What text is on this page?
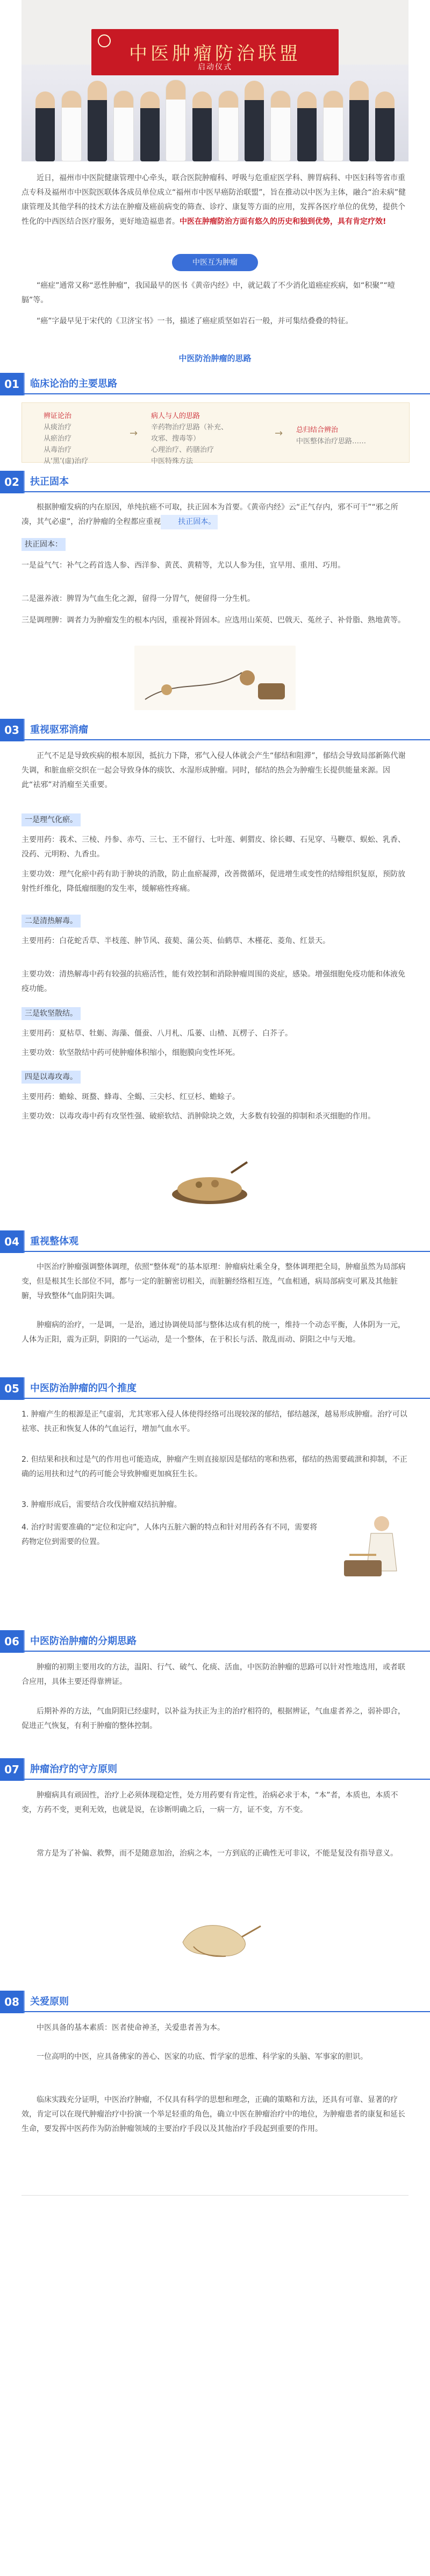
中医肿瘤防治联盟
启动仪式

近日，福州市中医院健康管理中心牵头，联合医院肿瘤科、呼吸与危重症医学科、脾胃病科、中医妇科等省市重点专科及福州市中医院医联体各成员单位成立“福州市中医早癌防治联盟”，旨在推动以中医为主体，融合“治未病”健康管理及其他学科的技术方法在肿瘤及癌前病变的筛查、诊疗、康复等方面的应用，发挥各医疗单位的优势，提供个性化的中西医结合医疗服务，更好地造福患者。中医在肿瘤防治方面有悠久的历史和独到优势，具有肯定疗效!

中医互为肿瘤

“癌症”通常又称“恶性肿瘤”，我国最早的医书《黄帝内经》中，就记载了不少消化道癌症疾病，如“积聚”“噎膈”等。

“癌”字最早见于宋代的《卫济宝书》一书，描述了癌症质坚如岩石一般，并可集结叠叠的特征。

中医防治肿瘤的思路
01	临床论治的主要思路
辨证论治
从痰治疗
从瘀治疗
从毒治疗
从‘黑’(虚)治疗
→
病人与人的思路
辛药物治疗思路（补充、
攻邪、搜毒等）
心理治疗、药膳治疗
中医特殊方法
→ 总归结合辨治
中医整体治疗思路……
02	扶正固本

根据肿瘤发病的内在原因，单纯抗癌不可取，扶正固本为首要。《黄帝内经》云“正气存内，邪不可干”“邪之所凑，其气必虚”，治疗肿瘤的全程都应重视 扶正固本。

扶正固本：

一是益气气：补气之药首选人参、西洋参、黄芪、黄精等，尤以人参为佳，宜早用、重用、巧用。

二是滋养液：脾胃为气血生化之源，留得一分胃气，便留得一分生机。

三是调理脾：调者力为肿瘤发生的根本内因，重视补肾固本。应选用山茱萸、巴戟天、菟丝子、补骨脂、熟地黄等。

03	重视驱邪消瘤

正气不足是导致疾病的根本原因，抵抗力下降，邪气入侵人体就会产生“郁结和阻滞”，郁结会导致局部新陈代谢失调，和脏血瘀交织在一起会导致身体的痰饮、水湿形成肿瘤。同时，郁结的热会为肿瘤生长提供能量来源。因此“祛邪”对消瘤至关重要。

一是理气化瘀。

主要用药：莪术、三棱、丹参、赤芍、三七、王不留行、七叶莲、刺猬皮、徐长卿、石见穿、马鞭草、蜈蚣、乳香、没药、元明粉、九香虫。

主要功效：理气化瘀中药有助于肿块的消散，防止血瘀凝滞，改善微循环，促进增生或变性的结缔组织复原，预防放射性纤维化，降低瘤细胞的发生率，缓解癌性疼痛。

二是清热解毒。

主要用药：白花蛇舌草、半枝莲、肿节风、菝葜、蒲公英、仙鹤草、木槿花、菱角、红景天。

主要功效：清热解毒中药有较强的抗癌活性，能有效控制和消除肿瘤周围的炎症，感染。增强细胞免疫功能和体液免疫功能。

三是软坚散结。

主要用药：夏枯草、牡蛎、海藻、僵蚕、八月札、瓜蒌、山楂、瓦楞子、白芥子。

主要功效：软坚散结中药可使肿瘤体积缩小，细胞膜向变性坏死。

四是以毒攻毒。

主要用药：蟾蜍、斑蝥、蜂毒、全蝎、三尖杉、红豆杉、蟾蜍子。

主要功效：以毒攻毒中药有攻坚性强、破瘀软结、消肿除块之效，大多数有较强的抑制和杀灭细胞的作用。

04	重视整体观

中医治疗肿瘤强调整体调理，依照“整体观”的基本原理：肿瘤病灶乘全身，整体调理把全局，肿瘤虽然为局部病变，但是根其生长部位不同，都与一定的脏腑密切相关，而脏腑经络相互连，气血相通，病局部病变可累及其他脏腑，导致整体气血阴阳失调。

肿瘤病的治疗，一是调，一是治，通过协调使局部与整体达成有机的统一，维持一个动态平衡，人体阴为一元，人体为正阳，震为正阴，阴阳的一气运动，是一个整体，在于积长与活、散乱而动、阴阳之中与天地。

05	中医防治肿瘤的四个推度

1. 肿瘤产生的根源是正气虚弱，尤其寒邪入侵人体使得经络可出现较深的郁结，郁结越深，越易形成肿瘤。治疗可以祛寒、扶正和恢复人体的气血运行，增加气血水平。

2. 但结果和扶和过是气的作用也可能造成，肿瘤产生则直接原因是郁结的寒和热邪，郁结的热需要疏泄和抑制，不正确的运用扶和过气的药可能会导致肿瘤更加疯狂生长。

3. 肿瘤形成后，需要结合攻伐肿瘤双结抗肿瘤。

4. 治疗时需要准确的“定位和定向”，人体内五脏六腑的特点和针对用药各有不同，需要将药物定位到需要的位置。

06	中医防治肿瘤的分期思路

肿瘤的初期主要用攻的方法，温阳、行气、破气、化痰、活血，中医防治肿瘤的思路可以针对性地选用，或者联合应用，具体主要还得靠辨证。

后期补养的方法，气血阴阳已经虚时，以补益为扶正为主的治疗相符的，根据辨证，气血虚者养之，弱补即合，促进正气恢复，有利于肿瘤的整体控制。

07	肿瘤治疗的守方原则

肿瘤病具有顽固性，治疗上必须体现稳定性，处方用药要有肯定性，治病必求于本，“本”者，本质也，本质不变，方药不变，更利无效，也就是说，在诊断明确之后，一病一方，证不变，方不变。

常方是为了补偏、救弊，而不是随意加治，治病之本，一方到底的正确性无可非议，不能是复没有指导意义。

08	关爱原则

中医具备的基本素质：医者使命神圣，关爱患者善为本。

一位高明的中医，应具备佛家的善心、医家的功底、哲学家的思维、科学家的头脑、军事家的胆识。

临床实践充分证明，中医治疗肿瘤，不仅具有科学的思想和理念，正确的策略和方法，还具有可靠、显著的疗效，肯定可以在现代肿瘤治疗中扮演一个举足轻重的角色，确立中医在肿瘤治疗中的地位，为肿瘤患者的康复和延长生命，要发挥中医药作为防治肿瘤领域的主要治疗手段以及其他治疗手段起到重要的作用。
